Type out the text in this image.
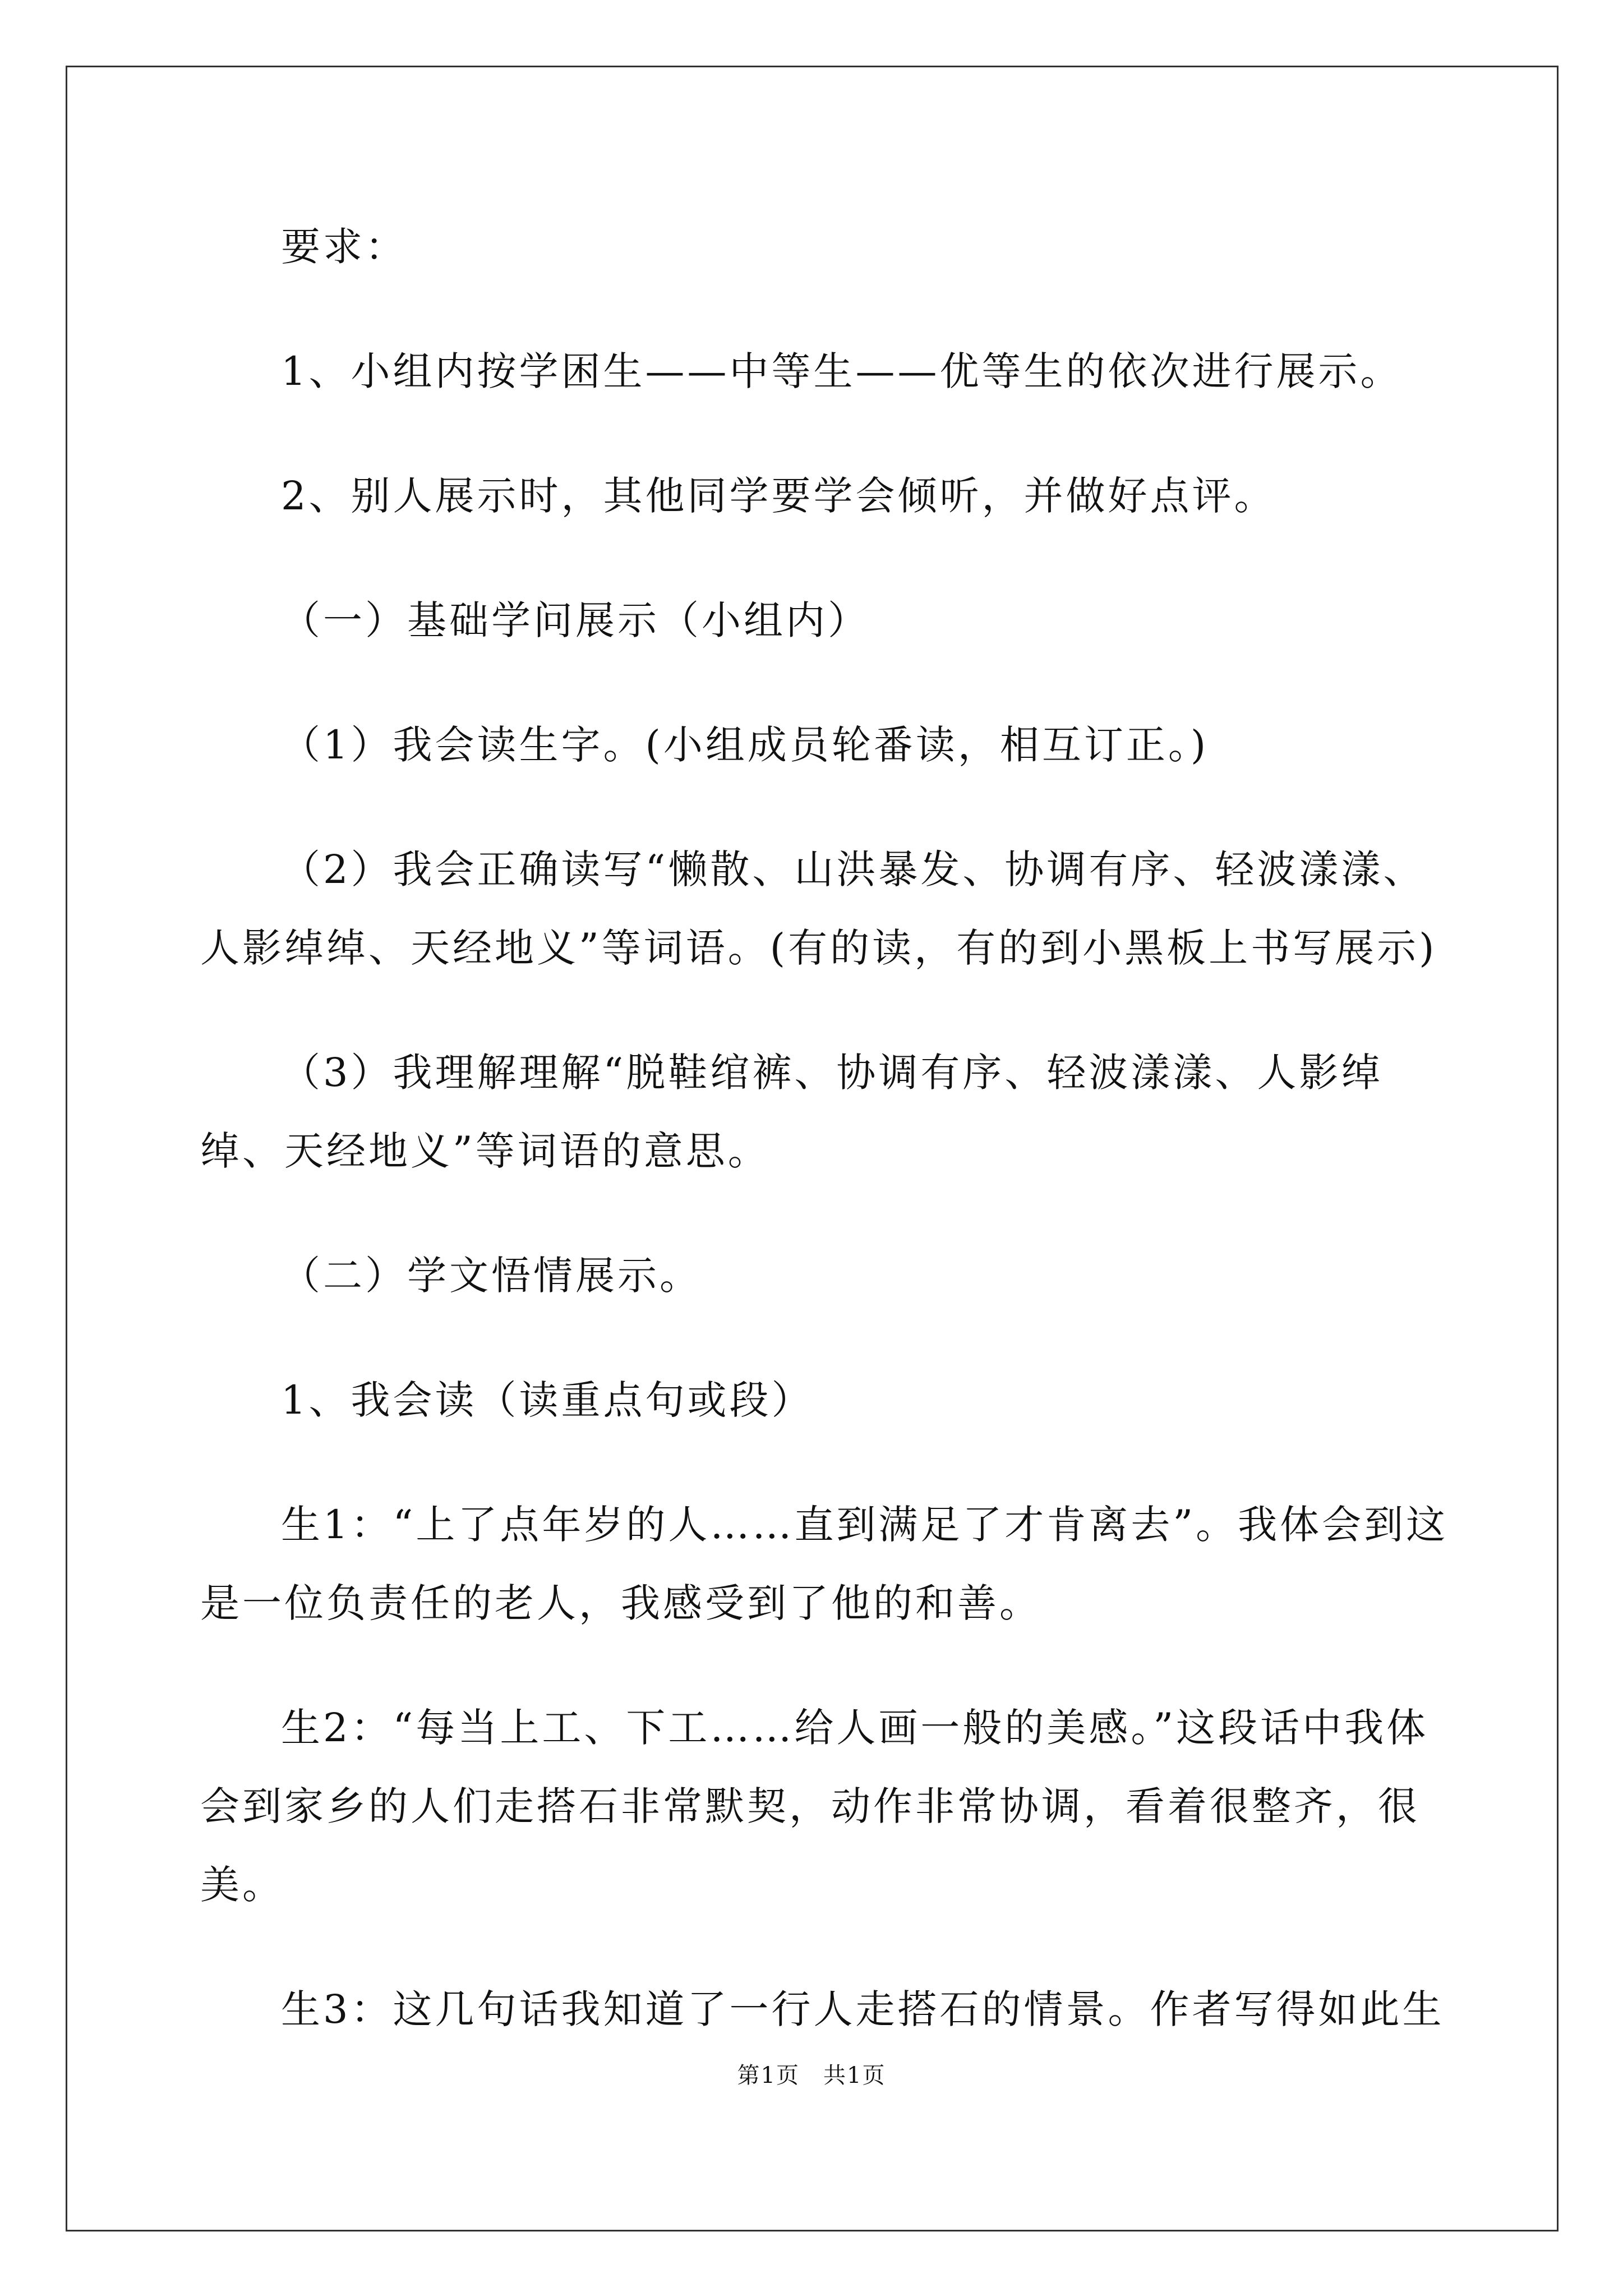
要求：

1、小组内按学困生——中等生——优等生的依次进行展示。

2、别人展示时，其他同学要学会倾听，并做好点评。

（一）基础学问展示（小组内）

（1）我会读生字。(小组成员轮番读，相互订正。)

（2）我会正确读写“懒散、山洪暴发、协调有序、轻波漾漾、人影绰绰、天经地义”等词语。(有的读，有的到小黑板上书写展示)

（3）我理解理解“脱鞋绾裤、协调有序、轻波漾漾、人影绰绰、天经地义”等词语的意思。

（二）学文悟情展示。

1、我会读（读重点句或段）

生1：“上了点年岁的人……直到满足了才肯离去”。我体会到这是一位负责任的老人，我感受到了他的和善。

生2：“每当上工、下工……给人画一般的美感。”这段话中我体会到家乡的人们走搭石非常默契，动作非常协调，看着很整齐，很美。

生3：这几句话我知道了一行人走搭石的情景。作者写得如此生

第1页　共1页
